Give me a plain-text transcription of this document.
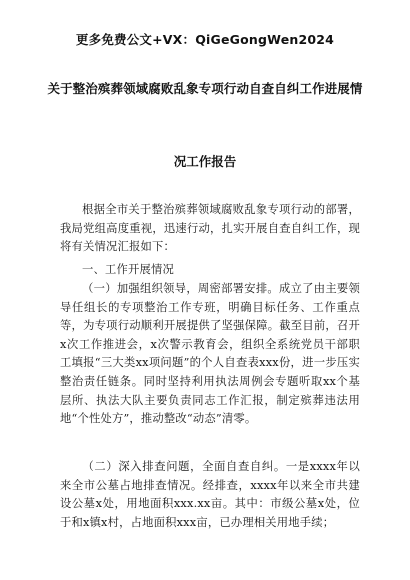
更多免费公文+VX：QiGeGongWen2024
关于整治殡葬领域腐败乱象专项行动自查自纠工作进展情
况工作报告
根据全市关于整治殡葬领域腐败乱象专项行动的部署，我局党组高度重视，迅速行动，扎实开展自查自纠工作，现将有关情况汇报如下：
一、工作开展情况
（一）加强组织领导，周密部署安排。成立了由主要领导任组长的专项整治工作专班，明确目标任务、工作重点等，为专项行动顺利开展提供了坚强保障。截至目前，召开x次工作推进会，x次警示教育会，组织全系统党员干部职工填报“三大类xx项问题”的个人自查表xxx份，进一步压实整治责任链条。同时坚持利用执法周例会专题听取xx个基层所、执法大队主要负责同志工作汇报，制定殡葬违法用地“个性处方”，推动整改“动态”清零。
（二）深入排查问题，全面自查自纠。一是xxxx年以来全市公墓占地排查情况。经排查，xxxx年以来全市共建设公墓x处，用地面积xxx.xx亩。其中：市级公墓x处，位于和x镇x村，占地面积xxx亩，已办理相关用地手续；
